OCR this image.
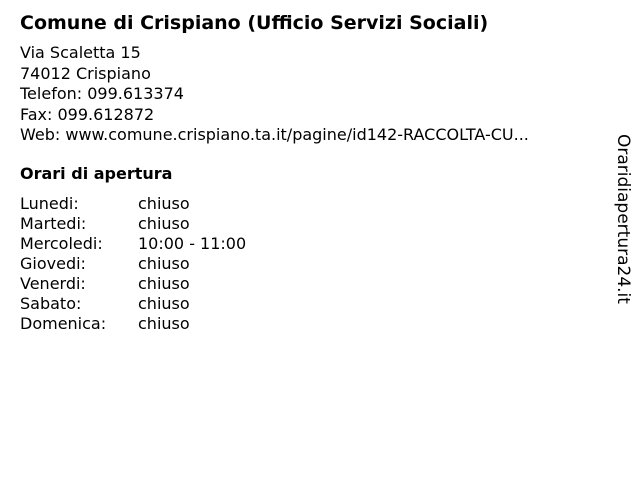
Comune di Crispiano (Ufficio Servizi Sociali)
Via Scaletta 15
74012 Crispiano
Telefon: 099.613374
Fax: 099.612872
Web: www.comune.crispiano.ta.it/pagine/id142-RACCOLTA-CU...
Orari di apertura
Lunedi:	chiuso
Martedi:	chiuso
Mercoledi:	10:00 - 11:00
Giovedi:	chiuso
Venerdi:	chiuso
Sabato:	chiuso
Domenica:	chiuso
Oraridiapertura24.it
